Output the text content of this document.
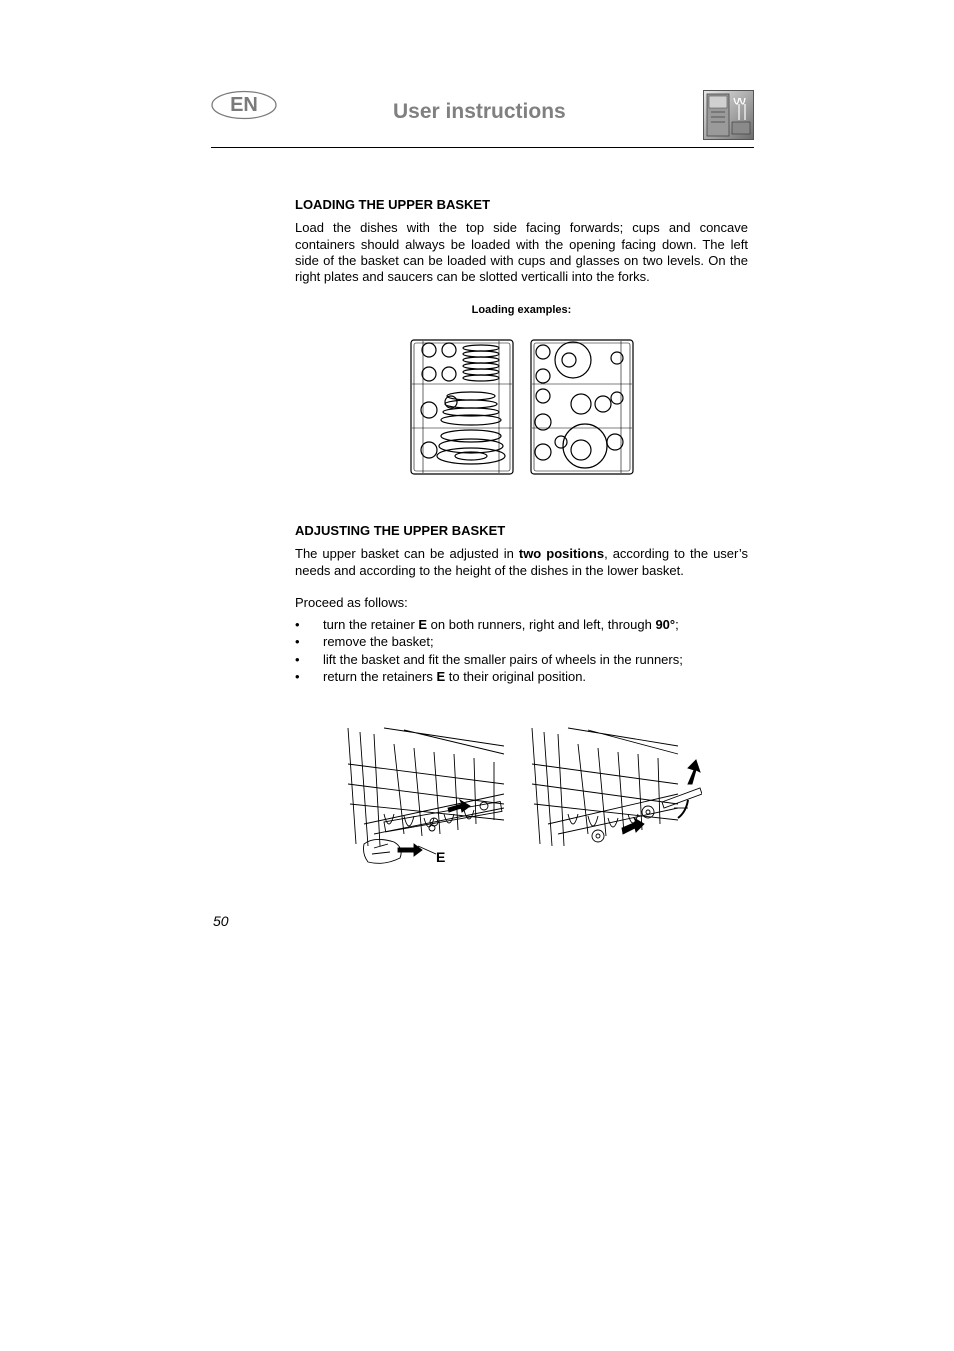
EN	User instructions
LOADING THE UPPER BASKET

Load the dishes with the top side facing forwards; cups and concave containers should always be loaded with the opening facing down. The left side of the basket can be loaded with cups and glasses on two levels. On the right plates and saucers can be slotted verticalli into the forks.

Loading examples:
ADJUSTING THE UPPER BASKET

The upper basket can be adjusted in two positions, according to the user’s needs and according to the height of the dishes in the lower basket.

Proceed as follows:

• turn the retainer E on both runners, right and left, through 90°;
• remove the basket;
• lift the basket and fit the smaller pairs of wheels in the runners;
• return the retainers E to their original position.
E
50
